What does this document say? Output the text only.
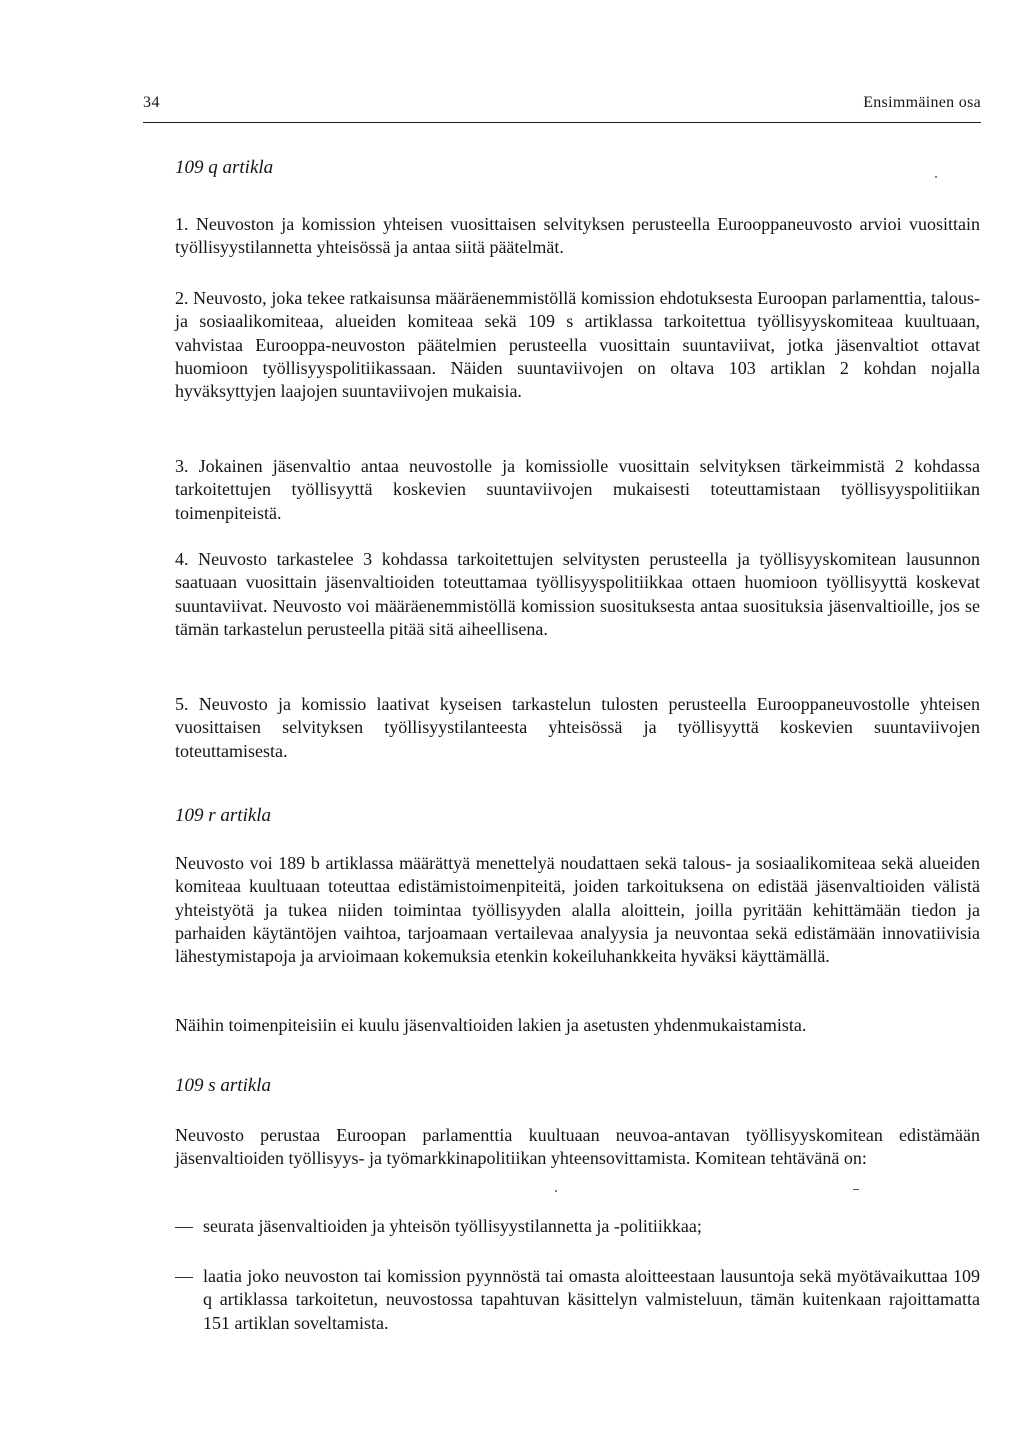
34	Ensimmäinen osa
109 q artikla

1. Neuvoston ja komission yhteisen vuosittaisen selvityksen perusteella Eurooppaneuvosto arvioi vuosittain työllisyystilannetta yhteisössä ja antaa siitä päätelmät.

2. Neuvosto, joka tekee ratkaisunsa määräenemmistöllä komission ehdotuksesta Euroopan parlamenttia, talous- ja sosiaalikomiteaa, alueiden komiteaa sekä 109 s artiklassa tarkoitettua työllisyyskomiteaa kuultuaan, vahvistaa Eurooppa-neuvoston päätelmien perusteella vuosittain suuntaviivat, jotka jäsenvaltiot ottavat huomioon työllisyyspolitiikassaan. Näiden suuntaviivojen on oltava 103 artiklan 2 kohdan nojalla hyväksyttyjen laajojen suuntaviivojen mukaisia.

3. Jokainen jäsenvaltio antaa neuvostolle ja komissiolle vuosittain selvityksen tärkeimmistä 2 kohdassa tarkoitettujen työllisyyttä koskevien suuntaviivojen mukaisesti toteuttamistaan työllisyyspolitiikan toimenpiteistä.

4. Neuvosto tarkastelee 3 kohdassa tarkoitettujen selvitysten perusteella ja työllisyyskomitean lausunnon saatuaan vuosittain jäsenvaltioiden toteuttamaa työllisyyspolitiikkaa ottaen huomioon työllisyyttä koskevat suuntaviivat. Neuvosto voi määräenemmistöllä komission suosituksesta antaa suosituksia jäsenvaltioille, jos se tämän tarkastelun perusteella pitää sitä aiheellisena.

5. Neuvosto ja komissio laativat kyseisen tarkastelun tulosten perusteella Eurooppaneuvostolle yhteisen vuosittaisen selvityksen työllisyystilanteesta yhteisössä ja työllisyyttä koskevien suuntaviivojen toteuttamisesta.

109 r artikla

Neuvosto voi 189 b artiklassa määrättyä menettelyä noudattaen sekä talous- ja sosiaalikomiteaa sekä alueiden komiteaa kuultuaan toteuttaa edistämistoimenpiteitä, joiden tarkoituksena on edistää jäsenvaltioiden välistä yhteistyötä ja tukea niiden toimintaa työllisyyden alalla aloittein, joilla pyritään kehittämään tiedon ja parhaiden käytäntöjen vaihtoa, tarjoamaan vertailevaa analyysia ja neuvontaa sekä edistämään innovatiivisia lähestymistapoja ja arvioimaan kokemuksia etenkin kokeiluhankkeita hyväksi käyttämällä.

Näihin toimenpiteisiin ei kuulu jäsenvaltioiden lakien ja asetusten yhdenmukaistamista.

109 s artikla

Neuvosto perustaa Euroopan parlamenttia kuultuaan neuvoa-antavan työllisyyskomitean edistämään jäsenvaltioiden työllisyys- ja työmarkkinapolitiikan yhteensovittamista. Komitean tehtävänä on:

— seurata jäsenvaltioiden ja yhteisön työllisyystilannetta ja -politiikkaa;
— laatia joko neuvoston tai komission pyynnöstä tai omasta aloitteestaan lausuntoja sekä myötävaikuttaa 109 q artiklassa tarkoitetun, neuvostossa tapahtuvan käsittelyn valmisteluun, tämän kuitenkaan rajoittamatta 151 artiklan soveltamista.
